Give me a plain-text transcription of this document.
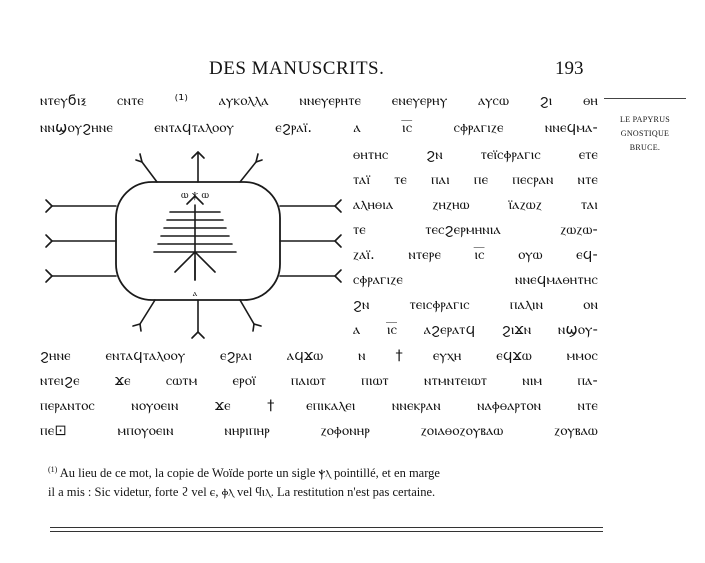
DES MANUSCRITS.	193
LE PAPYRUS
GNOSTIQUE
BRUCE.
ⲛⲧⲉⲩϭⲓⲝ ⲥⲛⲧⲉ ⁽¹⁾ ⲁⲩⲕⲟⲗⲗⲁ ⲛⲛⲉⲩⲉⲣⲏⲧⲉ ⲉⲛⲉⲩⲉⲣⲏⲩ ⲁⲩⲥⲱ ϩⲓ ⲑⲏ
ⲛⲛϣⲟⲩϩⲏⲛⲉ ⲉⲛⲧⲁϥⲧⲁⲗⲟⲟⲩ ⲉϩⲣⲁⲓ̈. ⲁ ⲓ̅ⲥ̅ ⲥⲫⲣⲁⲅⲓⲍⲉ ⲛⲛⲉϥⲙⲁ-
ⲑⲏⲧⲏⲥ ϩⲛ ⲧⲉⲓ̈ⲥⲫⲣⲁⲅⲓⲥ ⲉⲧⲉ
ⲧⲁⲓ̈ ⲧⲉ ⲡⲁⲓ ⲡⲉ ⲡⲉⲥⲣⲁⲛ ⲛⲧⲉ
ⲁⲗⲏⲑⲓⲁ ⲍⲏⲍⲏⲱ ⲓ̈ⲁⲍⲱⲍ ⲧⲁⲓ
ⲧⲉ ⲧⲉⲥϩⲉⲣⲙⲏⲛⲓⲁ ⲍⲱⲍⲱ-
ⲍⲁⲓ̈. ⲛⲧⲉⲣⲉ ⲓ̅ⲥ̅ ⲟⲩⲱ ⲉϥ-
ⲥⲫⲣⲁⲅⲓⲍⲉ ⲛⲛⲉϥⲙⲁⲑⲏⲧⲏⲥ
ϩⲛ ⲧⲉⲓⲥⲫⲣⲁⲅⲓⲥ ⲡⲁⲗⲓⲛ ⲟⲛ
ⲁ ⲓ̅ⲥ̅ ⲁϩⲉⲣⲁⲧϥ ϩⲓϫⲛ ⲛϣⲟⲩ-
ϩⲏⲛⲉ ⲉⲛⲧⲁϥⲧⲁⲗⲟⲟⲩ ⲉϩⲣⲁⲓ ⲁϥϫⲱ ⲛ†ⲉⲩⲭⲏ ⲉϥϫⲱ ⲙⲙⲟⲥ
ⲛⲧⲉⲓϩⲉ ϫⲉ ⲥⲱⲧⲙ ⲉⲣⲟⲓ̈ ⲡⲁⲓⲱⲧ ⲡⲓⲱⲧ ⲛⲧⲙⲛⲧⲉⲓⲱⲧ ⲛⲓⲙ ⲡⲁ-
ⲡⲉⲣⲁⲛⲧⲟⲥ ⲛⲟⲩⲟⲉⲓⲛ ϫⲉ †ⲉⲡⲓⲕⲁⲗⲉⲓ ⲛⲛⲉⲕⲣⲁⲛ ⲛⲁⲫⲑⲁⲣⲧⲟⲛ ⲛⲧⲉ
ⲡⲉ⊡ ⲙⲡⲟⲩⲟⲉⲓⲛ ⲛⲏⲣⲓⲡⲏⲣ ⲍⲟⲫⲟⲛⲏⲣ ⲍⲟⲓⲁⲑⲟⲍⲟⲩⲃⲁⲱ ⲍⲟⲩⲃⲁⲱ
ⲱ ⲯ ⲱ
ⲁ
$^{(1)}$ Au lieu de ce mot, la copie de Woïde porte un sigle ⲯⲗ pointillé, et en marge
il a mis : Sic videtur, forte ϩ vel ⲉ, ⲫⲗ vel ϥⲓⲗ. La restitution n'est pas certaine.
